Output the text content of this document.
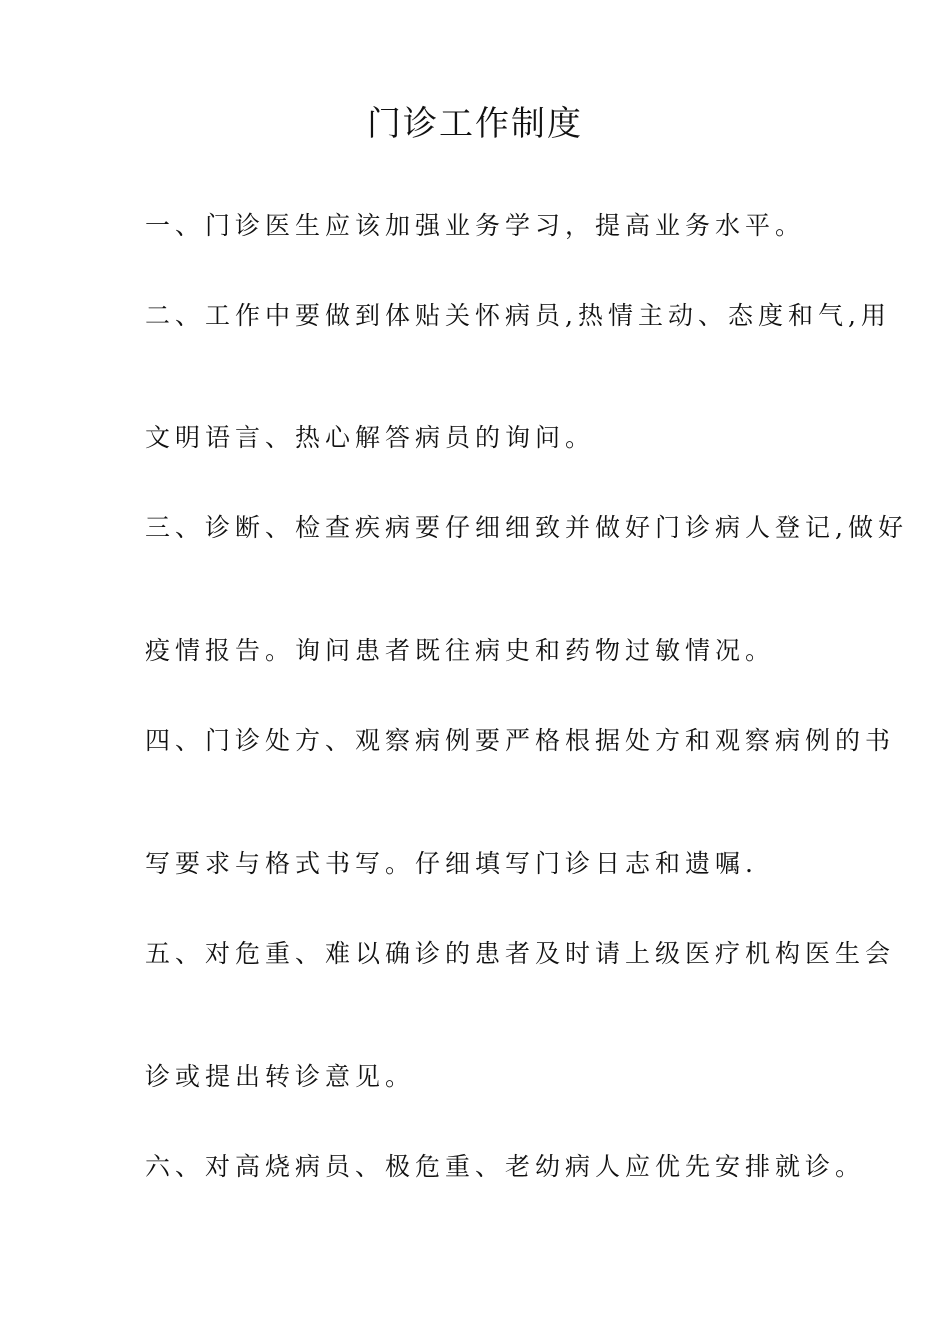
门诊工作制度

一、门诊医生应该加强业务学习，提高业务水平。

二、工作中要做到体贴关怀病员,热情主动、态度和气,用

文明语言、热心解答病员的询问。

三、诊断、检查疾病要仔细细致并做好门诊病人登记,做好

疫情报告。询问患者既往病史和药物过敏情况。

四、门诊处方、观察病例要严格根据处方和观察病例的书

写要求与格式书写。仔细填写门诊日志和遗嘱.

五、对危重、难以确诊的患者及时请上级医疗机构医生会

诊或提出转诊意见。

六、对高烧病员、极危重、老幼病人应优先安排就诊。
